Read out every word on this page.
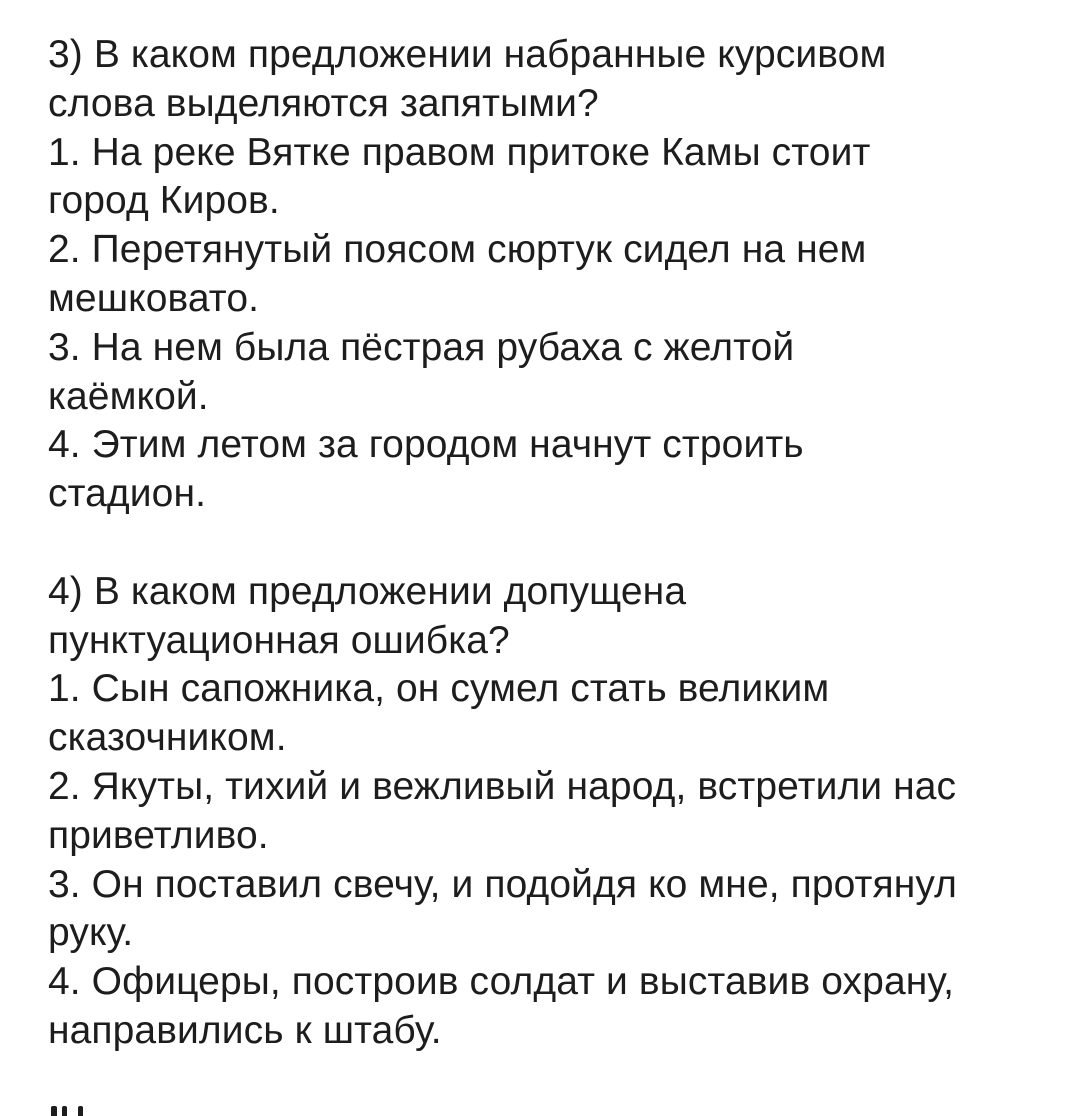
3) В каком предложении набранные курсивом
слова выделяются запятыми?
1. На реке Вятке правом притоке Камы стоит
город Киров.
2. Перетянутый поясом сюртук сидел на нем
мешковато.
3. На нем была пёстрая рубаха с желтой
каёмкой.
4. Этим летом за городом начнут строить
стадион.
4) В каком предложении допущена
пунктуационная ошибка?
1. Сын сапожника, он сумел стать великим
сказочником.
2. Якуты, тихий и вежливый народ, встретили нас
приветливо.
3. Он поставил свечу, и подойдя ко мне, протянул
руку.
4. Офицеры, построив солдат и выставив охрану,
направились к штабу.
